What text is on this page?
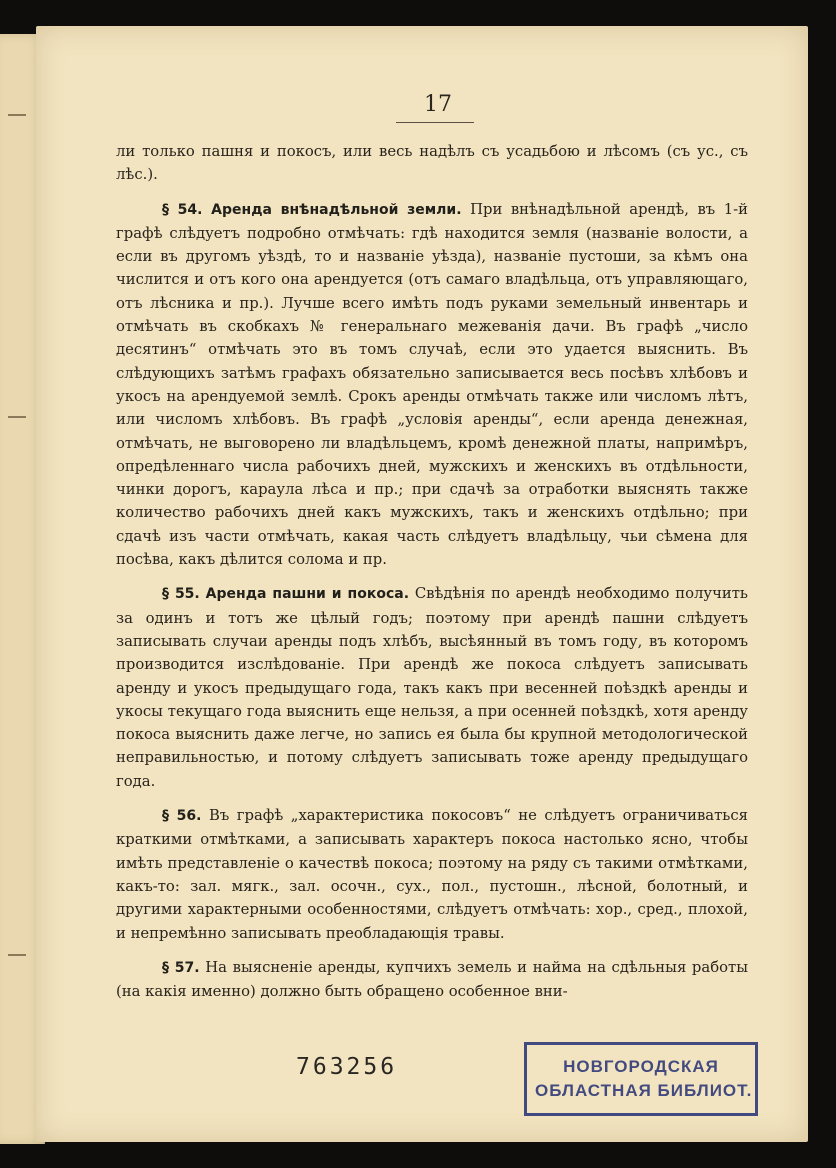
17

ли только пашня и покосъ, или весь надѣлъ съ усадьбою и лѣсомъ (съ ус., съ лѣс.).

§ 54. Аренда внѣнадѣльной земли. При внѣнадѣльной арендѣ, въ 1-й графѣ слѣдуетъ подробно отмѣчать: гдѣ находится земля (названіе волости, а если въ другомъ уѣздѣ, то и названіе уѣзда), названіе пустоши, за кѣмъ она числится и отъ кого она арендуется (отъ самаго владѣльца, отъ управляющаго, отъ лѣсника и пр.). Лучше всего имѣть подъ руками земельный инвентарь и отмѣчать въ скобкахъ № генеральнаго межеванія дачи. Въ графѣ „число десятинъ“ отмѣчать это въ томъ случаѣ, если это удается выяснить. Въ слѣдующихъ затѣмъ графахъ обязательно записывается весь посѣвъ хлѣбовъ и укосъ на арендуемой землѣ. Срокъ аренды отмѣчать также или числомъ лѣтъ, или числомъ хлѣбовъ. Въ графѣ „условія аренды“, если аренда денежная, отмѣчать, не выговорено ли владѣльцемъ, кромѣ денежной платы, напримѣръ, опредѣленнаго числа рабочихъ дней, мужскихъ и женскихъ въ отдѣльности, чинки дорогъ, караула лѣса и пр.; при сдачѣ за отработки выяснять также количество рабочихъ дней какъ мужскихъ, такъ и женскихъ отдѣльно; при сдачѣ изъ части отмѣчать, какая часть слѣдуетъ владѣльцу, чьи сѣмена для посѣва, какъ дѣлится солома и пр.

§ 55. Аренда пашни и покоса. Свѣдѣнія по арендѣ необходимо получить за одинъ и тотъ же цѣлый годъ; поэтому при арендѣ пашни слѣдуетъ записывать случаи аренды подъ хлѣбъ, высѣянный въ томъ году, въ которомъ производится изслѣдованіе. При арендѣ же покоса слѣдуетъ записывать аренду и укосъ предыдущаго года, такъ какъ при весенней поѣздкѣ аренды и укосы текущаго года выяснить еще нельзя, а при осенней поѣздкѣ, хотя аренду покоса выяснить даже легче, но запись ея была бы крупной методологической неправильностью, и потому слѣдуетъ записывать тоже аренду предыдущаго года.

§ 56. Въ графѣ „характеристика покосовъ“ не слѣдуетъ ограничиваться краткими отмѣтками, а записывать характеръ покоса настолько ясно, чтобы имѣть представленіе о качествѣ покоса; поэтому на ряду съ такими отмѣтками, какъ-то: зал. мягк., зал. осочн., сух., пол., пустошн., лѣсной, болотный, и другими характерными особенностями, слѣдуетъ отмѣчать: хор., сред., плохой, и непремѣнно записывать преобладающія травы.

§ 57. На выясненіе аренды, купчихъ земель и найма на сдѣльныя работы (на какія именно) должно быть обращено особенное вни-

763256	НОВГОРОДСКАЯ
ОБЛАСТНАЯ БИБЛИОТ.
